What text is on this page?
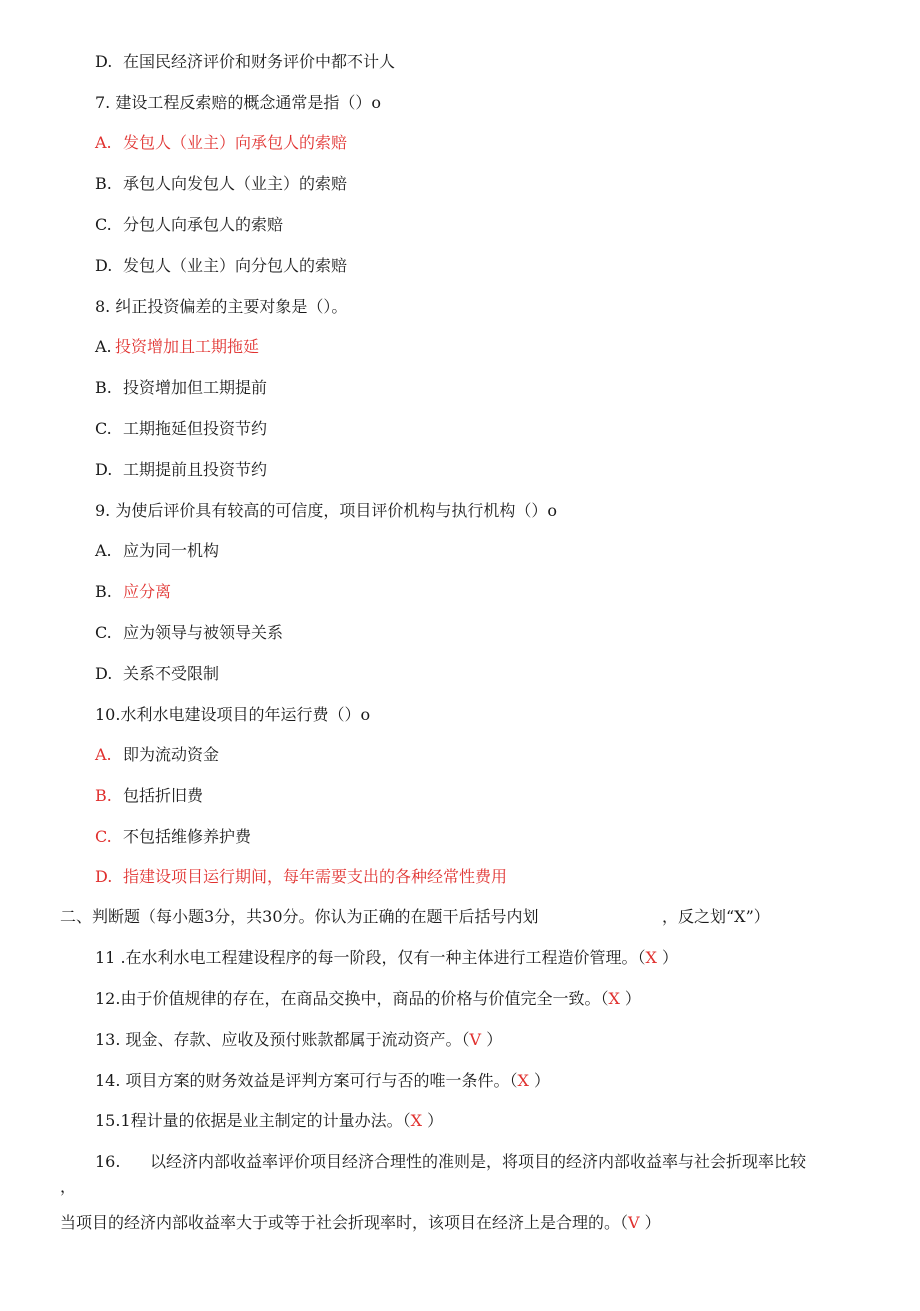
D. 在国民经济评价和财务评价中都不计人
7. 建设工程反索赔的概念通常是指（）o
A. 发包人（业主）向承包人的索赔
B. 承包人向发包人（业主）的索赔
C. 分包人向承包人的索赔
D. 发包人（业主）向分包人的索赔
8. 纠正投资偏差的主要对象是（）。
A. 投资增加且工期拖延
B. 投资增加但工期提前
C. 工期拖延但投资节约
D. 工期提前且投资节约
9. 为使后评价具有较高的可信度，项目评价机构与执行机构（）o
A. 应为同一机构
B. 应分离
C. 应为领导与被领导关系
D. 关系不受限制
10.水利水电建设项目的年运行费（）o
A. 即为流动资金
B. 包括折旧费
C. 不包括维修养护费
D. 指建设项目运行期间，每年需要支出的各种经常性费用
二、判断题（每小题3分，共30分。你认为正确的在题干后括号内划	，反之划“X”）
11 .在水利水电工程建设程序的每一阶段，仅有一种主体进行工程造价管理。（X ）
12.由于价值规律的存在，在商品交换中，商品的价格与价值完全一致。（X ）
13. 现金、存款、应收及预付账款都属于流动资产。（V ）
14. 项目方案的财务效益是评判方案可行与否的唯一条件。（X ）
15.1程计量的依据是业主制定的计量办法。（X ）
16. 以经济内部收益率评价项目经济合理性的准则是，将项目的经济内部收益率与社会折现率比较
，
当项目的经济内部收益率大于或等于社会折现率时，该项目在经济上是合理的。（V ）
